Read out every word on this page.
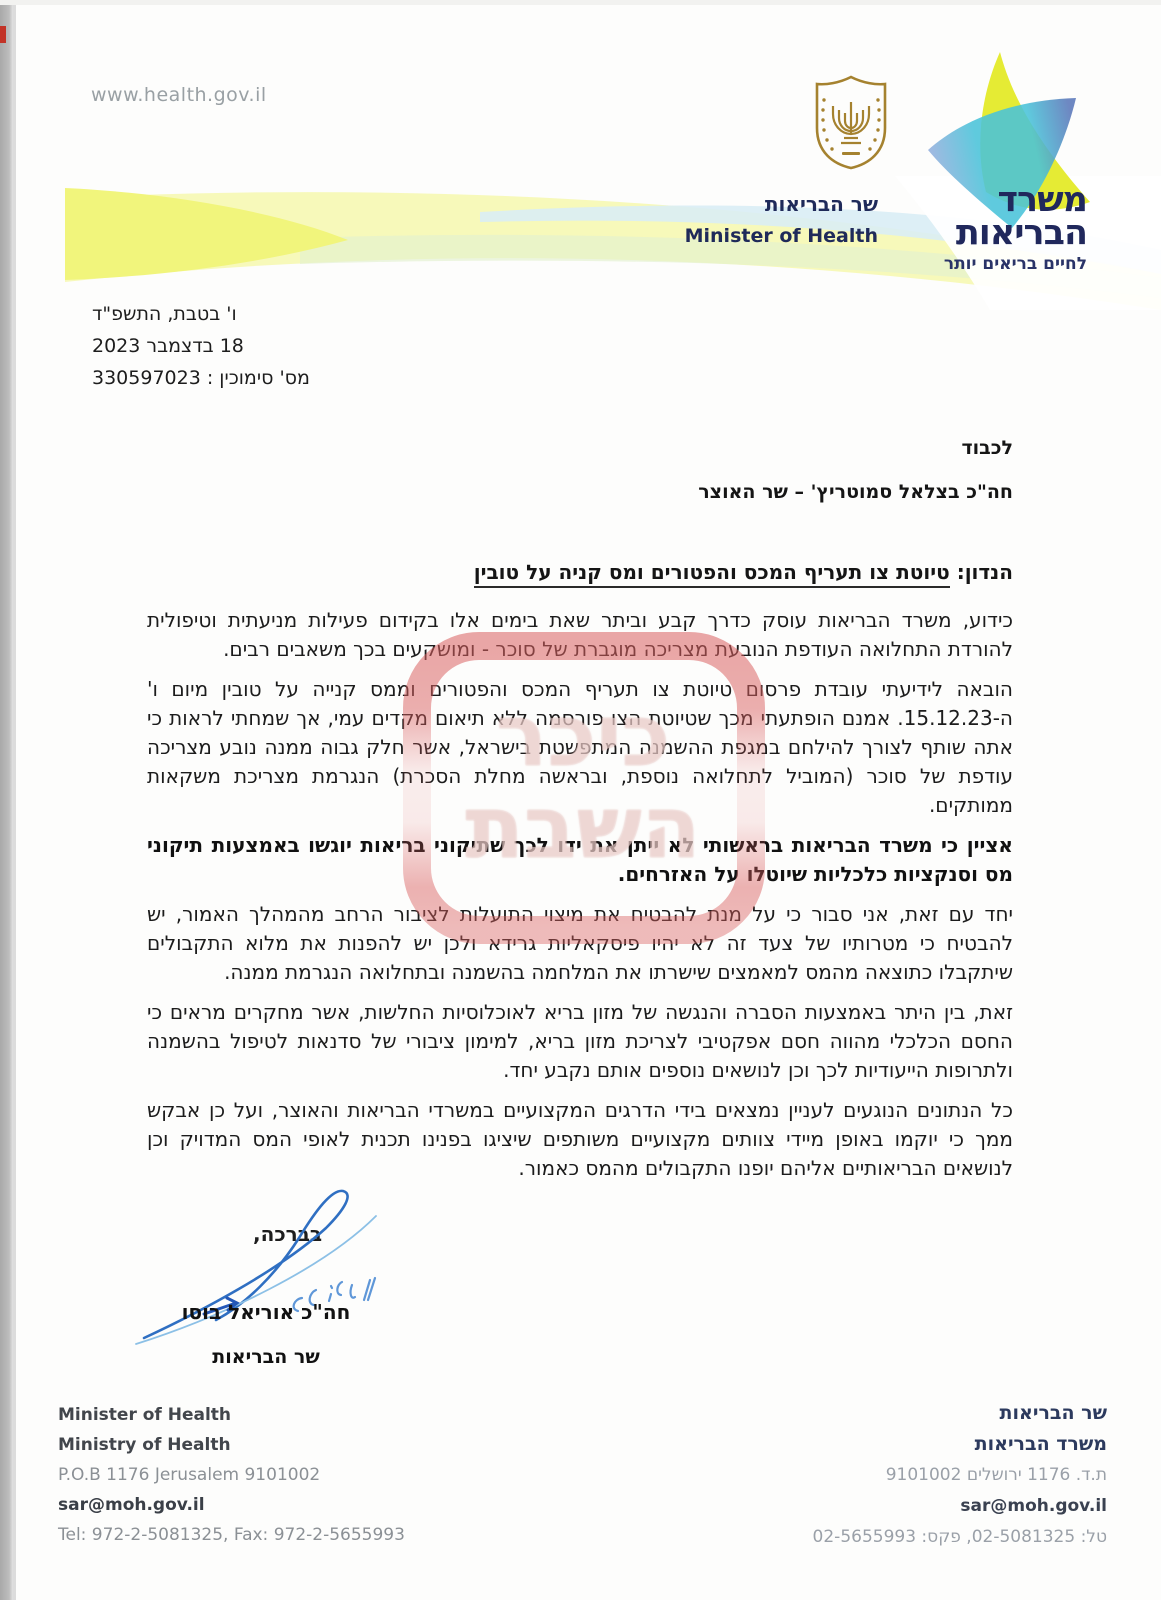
www.health.gov.il
משרד
הבריאות
לחיים בריאים יותר
שר הבריאות
Minister of Health
ו' בטבת, התשפ"ד
18 בדצמבר 2023
מס' סימוכין : 330597023
לכבוד
חה"כ בצלאל סמוטריץ' – שר האוצר
הנדון: טיוטת צו תעריף המכס והפטורים ומס קניה על טובין

כידוע, משרד הבריאות עוסק כדרך קבע וביתר שאת בימים אלו בקידום פעילות מניעתית וטיפולית להורדת התחלואה העודפת הנובעת מצריכה מוגברת של סוכר - ומושקעים בכך משאבים רבים.

הובאה לידיעתי עובדת פרסום טיוטת צו תעריף המכס והפטורים וממס קנייה על טובין מיום ו' ה-15.12.23. אמנם הופתעתי מכך שטיוטת הצו פורסמה ללא תיאום מקדים עמי, אך שמחתי לראות כי אתה שותף לצורך להילחם במגפת ההשמנה המתפשטת בישראל, אשר חלק גבוה ממנה נובע מצריכה עודפת של סוכר (המוביל לתחלואה נוספת, ובראשה מחלת הסכרת) הנגרמת מצריכת משקאות ממותקים.

אציין כי משרד הבריאות בראשותי לא ייתן את ידו לכך שתיקוני בריאות יוגשו באמצעות תיקוני מס וסנקציות כלכליות שיוטלו על האזרחים.

יחד עם זאת, אני סבור כי על מנת להבטיח את מיצוי התועלות לציבור הרחב מהמהלך האמור, יש להבטיח כי מטרותיו של צעד זה לא יהיו פיסקאליות גרידא ולכן יש להפנות את מלוא התקבולים שיתקבלו כתוצאה מהמס למאמצים שישרתו את המלחמה בהשמנה ובתחלואה הנגרמת ממנה.

זאת, בין היתר באמצעות הסברה והנגשה של מזון בריא לאוכלוסיות החלשות, אשר מחקרים מראים כי החסם הכלכלי מהווה חסם אפקטיבי לצריכת מזון בריא, למימון ציבורי של סדנאות לטיפול בהשמנה ולתרופות הייעודיות לכך וכן לנושאים נוספים אותם נקבע יחד.

כל הנתונים הנוגעים לעניין נמצאים בידי הדרגים המקצועיים במשרדי הבריאות והאוצר, ועל כן אבקש ממך כי יוקמו באופן מיידי צוותים מקצועיים משותפים שיציגו בפנינו תכנית לאופי המס המדויק וכן לנושאים הבריאותיים אליהם יופנו התקבולים מהמס כאמור.

כיכר
השבת
בברכה,
חה"כ אוריאל בוסו
שר הבריאות
Minister of Health
Ministry of Health
P.O.B 1176 Jerusalem 9101002
sar@moh.gov.il
Tel: 972-2-5081325, Fax: 972-2-5655993
שר הבריאות
משרד הבריאות
ת.ד. 1176 ירושלים 9101002
sar@moh.gov.il
טל: 02-5081325, פקס: 02-5655993
